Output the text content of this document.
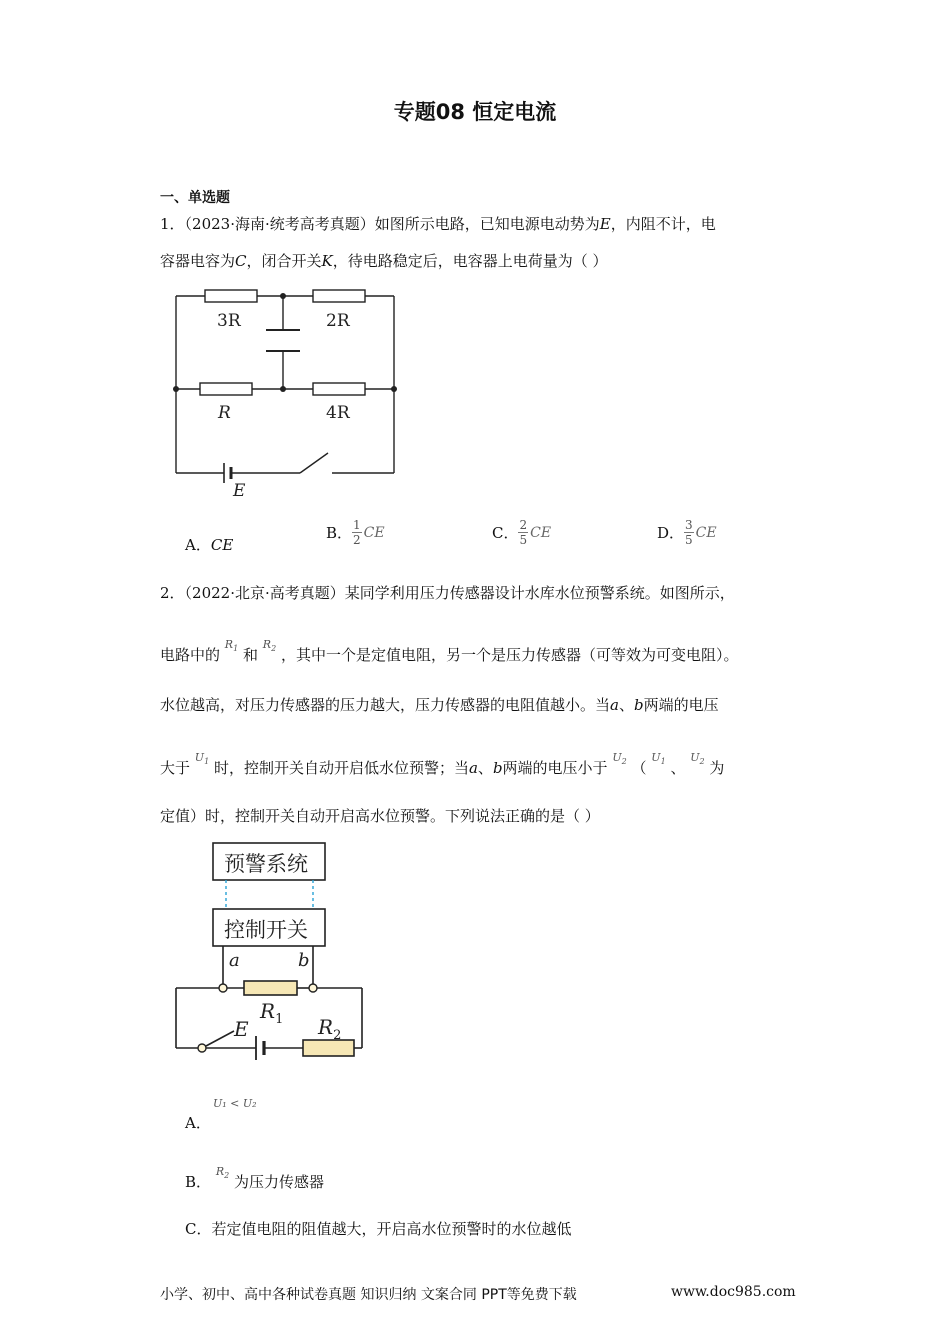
专题08 恒定电流
一、单选题
1．（2023·海南·统考高考真题）如图所示电路，已知电源电动势为E，内阻不计，电
容器电容为C，闭合开关K，待电路稳定后，电容器上电荷量为（ ）
3R	2R
R	4R
E
A．CE
B． $\frac{1}{2}$ CE	C． $\frac{2}{5}$ CE	D． $\frac{3}{5}$ CE
2．（2022·北京·高考真题）某同学利用压力传感器设计水库水位预警系统。如图所示，
电路中的 $^{R_1}$ 和 $^{R_2}$ ，其中一个是定值电阻，另一个是压力传感器（可等效为可变电阻）。
水位越高，对压力传感器的压力越大，压力传感器的电阻值越小。当a、b两端的电压
大于 $^{U_1}$ 时，控制开关自动开启低水位预警；当a、b两端的电压小于 $^{U_2}$ （ $^{U_1}$ 、 $^{U_2}$ 为
定值）时，控制开关自动开启高水位预警。下列说法正确的是（ ）
预警系统
控制开关
a	b
$R_1$ $R_2$
E
A．
U₁ < U₂
B． $^{R_2}$ 为压力传感器
C．若定值电阻的阻值越大，开启高水位预警时的水位越低
小学、初中、高中各种试卷真题 知识归纳 文案合同 PPT等免费下载	www.doc985.com
